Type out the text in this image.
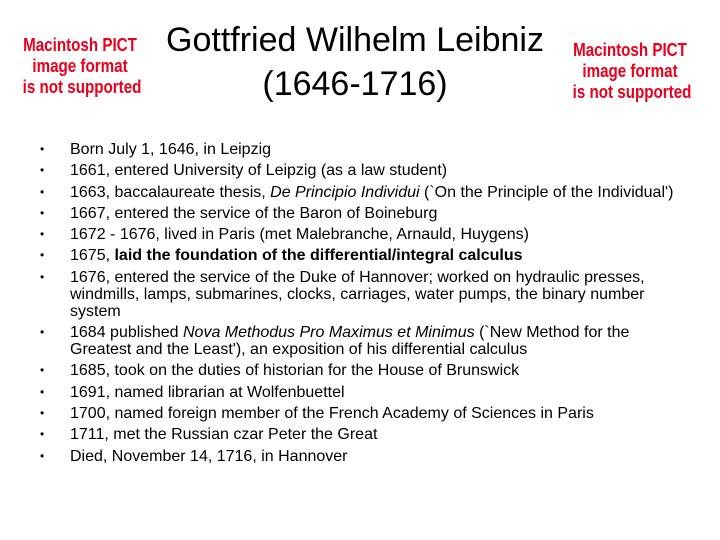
Macintosh PICT
image format
is not supported
Gottfried Wilhelm Leibniz
(1646-1716)
Macintosh PICT
image format
is not supported
• Born July 1, 1646, in Leipzig
• 1661, entered University of Leipzig (as a law student)
• 1663, baccalaureate thesis, De Principio Individui (`On the Principle of the Individual')
• 1667, entered the service of the Baron of Boineburg
• 1672 - 1676, lived in Paris (met Malebranche, Arnauld, Huygens)
• 1675, laid the foundation of the differential/integral calculus
• 1676, entered the service of the Duke of Hannover; worked on hydraulic presses, windmills, lamps, submarines, clocks, carriages, water pumps, the binary number system
• 1684 published Nova Methodus Pro Maximus et Minimus (`New Method for the Greatest and the Least'), an exposition of his differential calculus
• 1685, took on the duties of historian for the House of Brunswick
• 1691, named librarian at Wolfenbuettel
• 1700, named foreign member of the French Academy of Sciences in Paris
• 1711, met the Russian czar Peter the Great
• Died, November 14, 1716, in Hannover
